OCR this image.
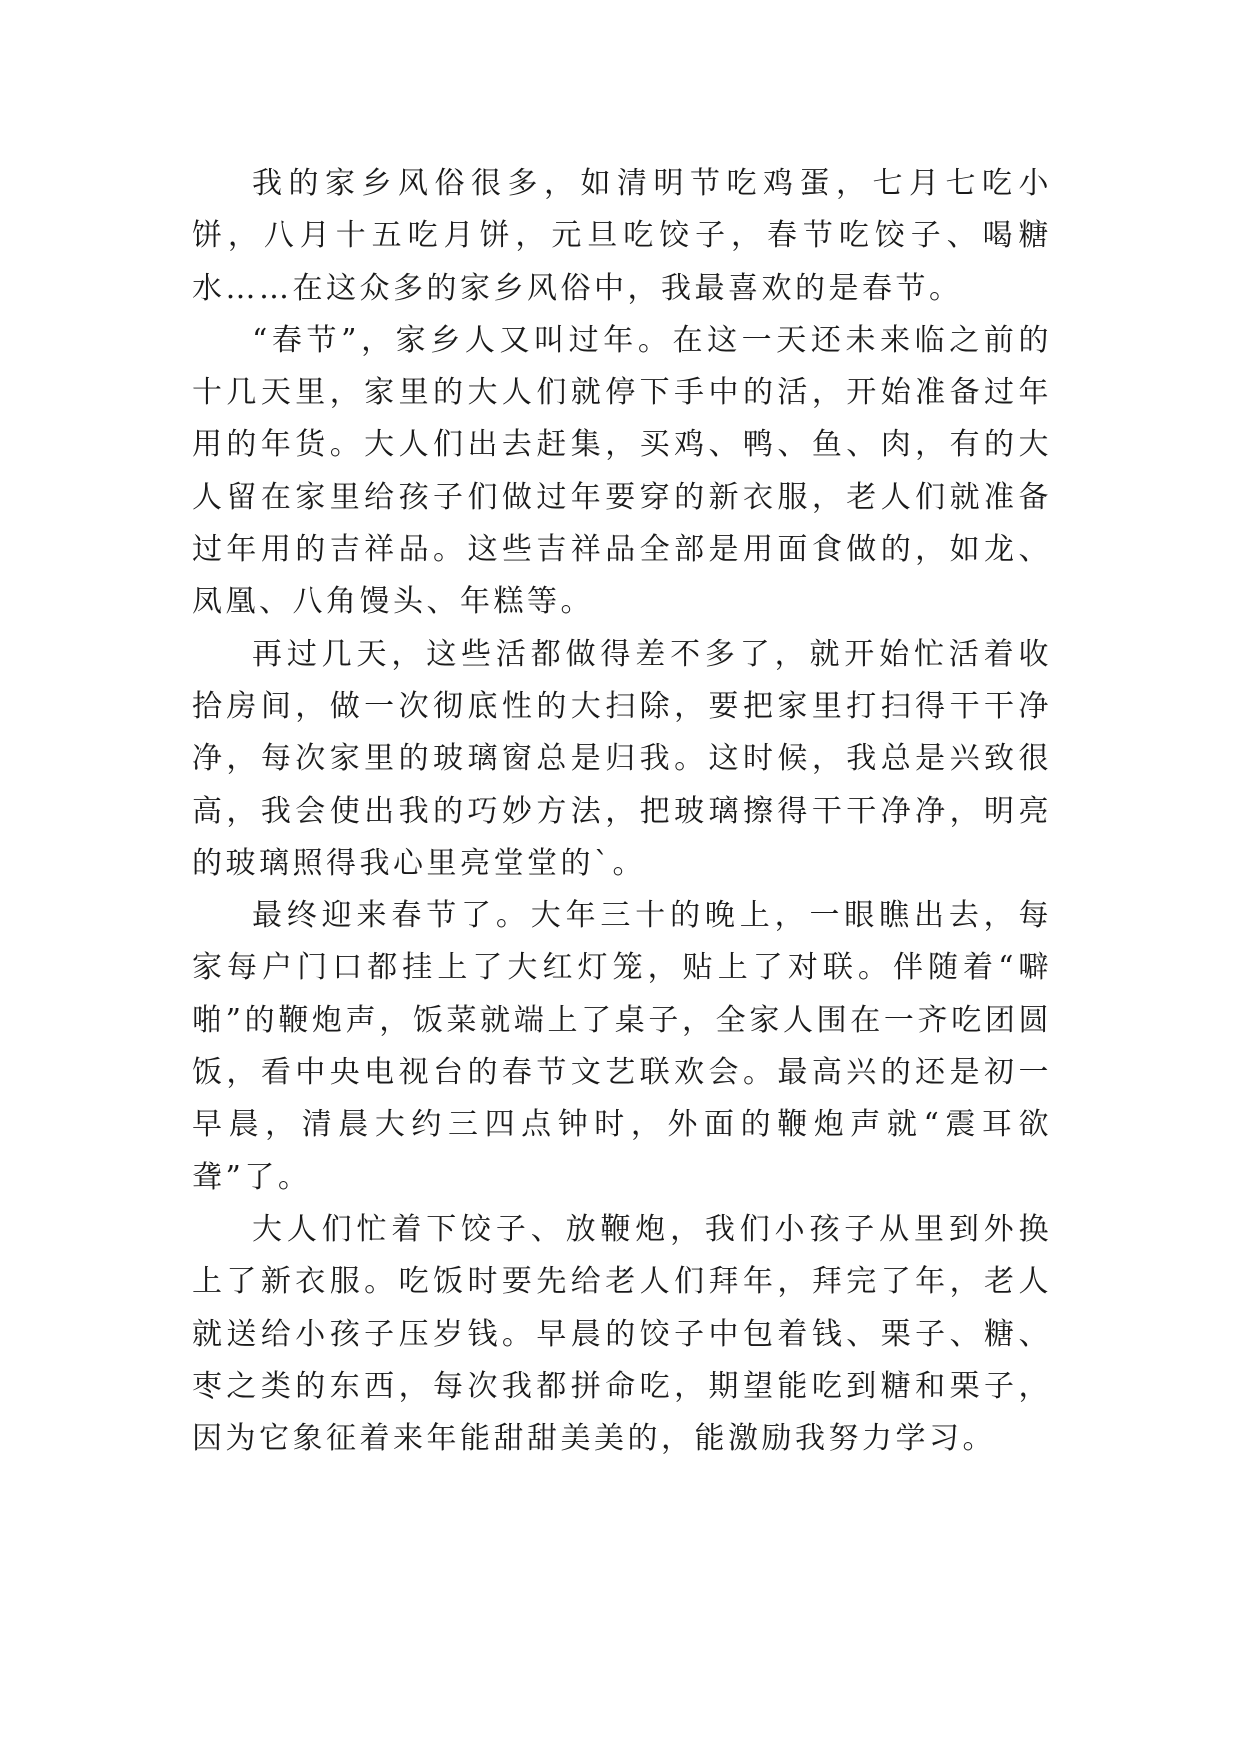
我的家乡风俗很多，如清明节吃鸡蛋，七月七吃小饼，八月十五吃月饼，元旦吃饺子，春节吃饺子、喝糖水……在这众多的家乡风俗中，我最喜欢的是春节。

“春节”，家乡人又叫过年。在这一天还未来临之前的十几天里，家里的大人们就停下手中的活，开始准备过年用的年货。大人们出去赶集，买鸡、鸭、鱼、肉，有的大人留在家里给孩子们做过年要穿的新衣服，老人们就准备过年用的吉祥品。这些吉祥品全部是用面食做的，如龙、凤凰、八角馒头、年糕等。

再过几天，这些活都做得差不多了，就开始忙活着收拾房间，做一次彻底性的大扫除，要把家里打扫得干干净净，每次家里的玻璃窗总是归我。这时候，我总是兴致很高，我会使出我的巧妙方法，把玻璃擦得干干净净，明亮的玻璃照得我心里亮堂堂的`。

最终迎来春节了。大年三十的晚上，一眼瞧出去，每家每户门口都挂上了大红灯笼，贴上了对联。伴随着“噼啪”的鞭炮声，饭菜就端上了桌子，全家人围在一齐吃团圆饭，看中央电视台的春节文艺联欢会。最高兴的还是初一早晨，清晨大约三四点钟时，外面的鞭炮声就“震耳欲聋”了。

大人们忙着下饺子、放鞭炮，我们小孩子从里到外换上了新衣服。吃饭时要先给老人们拜年，拜完了年，老人就送给小孩子压岁钱。早晨的饺子中包着钱、栗子、糖、枣之类的东西，每次我都拼命吃，期望能吃到糖和栗子，因为它象征着来年能甜甜美美的，能激励我努力学习。
